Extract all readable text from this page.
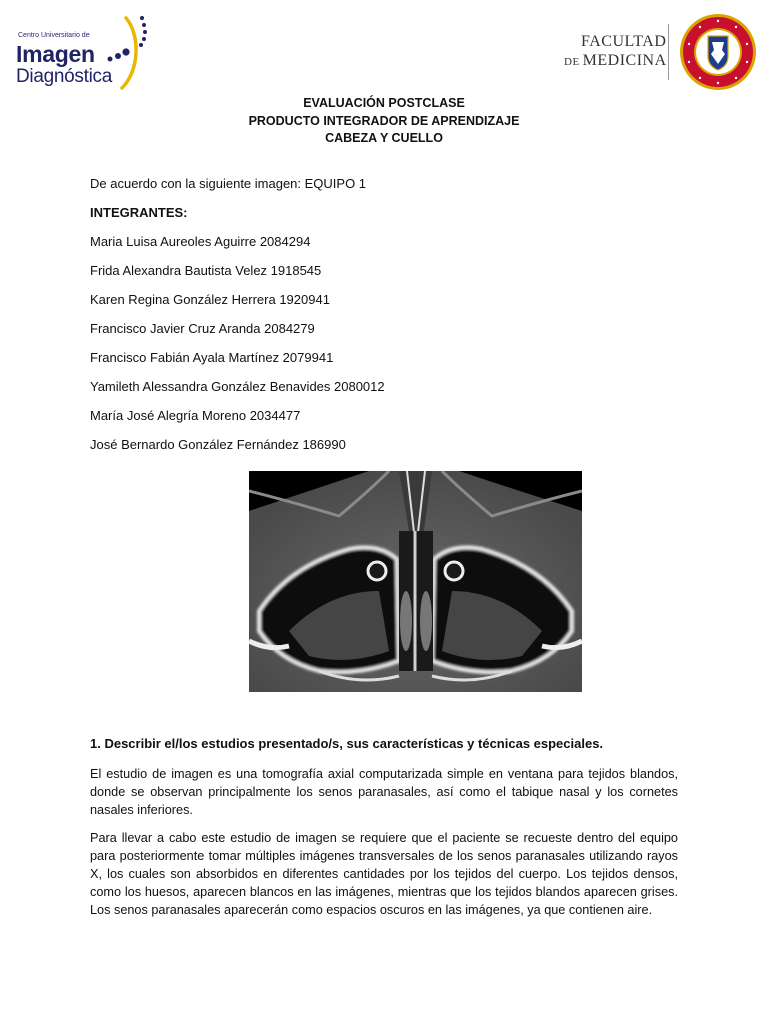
Centro Universitario de
Imagen
Diagnóstica
FACULTAD
DE MEDICINA
EVALUACIÓN POSTCLASE
PRODUCTO INTEGRADOR DE APRENDIZAJE
CABEZA Y CUELLO
De acuerdo con la siguiente imagen: EQUIPO 1
INTEGRANTES:
Maria Luisa Aureoles Aguirre 2084294
Frida Alexandra Bautista Velez 1918545
Karen Regina González Herrera 1920941
Francisco Javier Cruz Aranda 2084279
Francisco Fabián Ayala Martínez 2079941
Yamileth Alessandra González Benavides 2080012
María José Alegría Moreno 2034477
José Bernardo González Fernández 186990
1. Describir el/los estudios presentado/s, sus características y técnicas especiales.
El estudio de imagen es una tomografía axial computarizada simple en ventana para tejidos blandos, donde se observan principalmente los senos paranasales, así como el tabique nasal y los cornetes nasales inferiores.
Para llevar a cabo este estudio de imagen se requiere que el paciente se recueste dentro del equipo para posteriormente tomar múltiples imágenes transversales de los senos paranasales utilizando rayos X, los cuales son absorbidos en diferentes cantidades por los tejidos del cuerpo. Los tejidos densos, como los huesos, aparecen blancos en las imágenes, mientras que los tejidos blandos aparecen grises. Los senos paranasales aparecerán como espacios oscuros en las imágenes, ya que contienen aire.
